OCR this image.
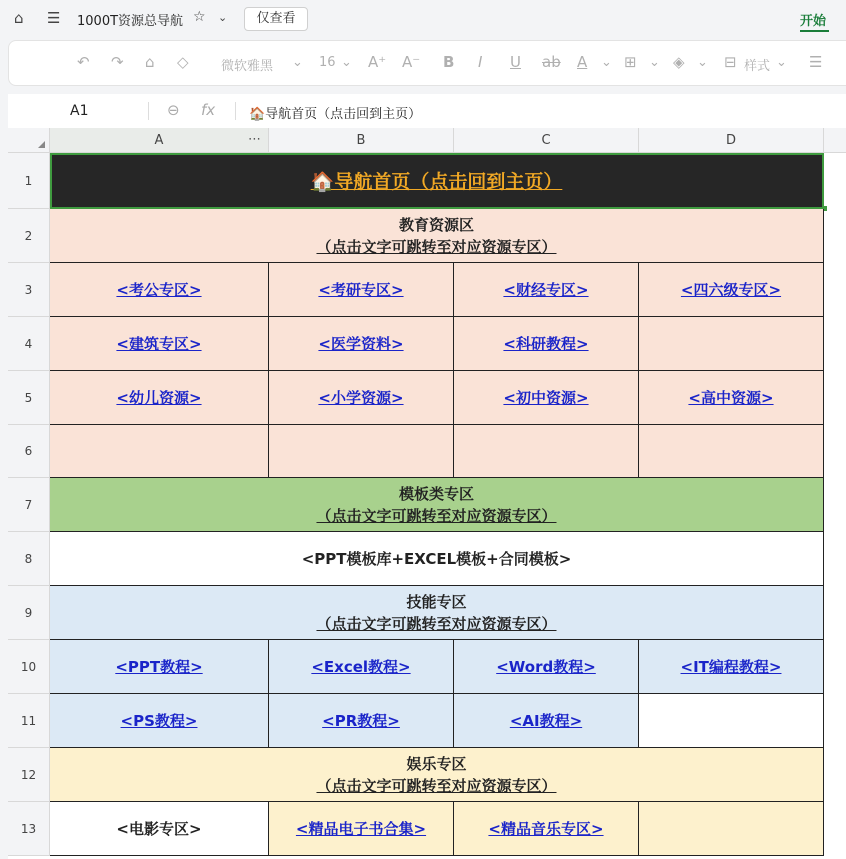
⌂ ☰ 1000T资源总导航 ☆ ⌄	仅查看	开始
↶ ↷ ⌂ ◇ 微软雅黑 ⌄ 16 ⌄ A⁺ A⁻ B I U ab A ⌄ ⊞ ⌄ ◈ ⌄ ⊟ 样式 ⌄ ☰
A1	⊖ fx	🏠导航首页（点击回到主页）
A	⋯	B	C	D
1
2
3
4
5
6
7
8
9
10
11
12
13
🏠导航首页（点击回到主页）
教育资源区
（点击文字可跳转至对应资源专区）
<考公专区>	<考研专区>	<财经专区>	<四六级专区>
<建筑专区>	<医学资料>	<科研教程>
<幼儿资源>	<小学资源>	<初中资源>	<高中资源>
模板类专区
（点击文字可跳转至对应资源专区）
<PPT模板库+EXCEL模板+合同模板>
技能专区
（点击文字可跳转至对应资源专区）
<PPT教程>	<Excel教程>	<Word教程>	<IT编程教程>
<PS教程>	<PR教程>	<AI教程>
娱乐专区
（点击文字可跳转至对应资源专区）
<电影专区>	<精品电子书合集>	<精品音乐专区>
